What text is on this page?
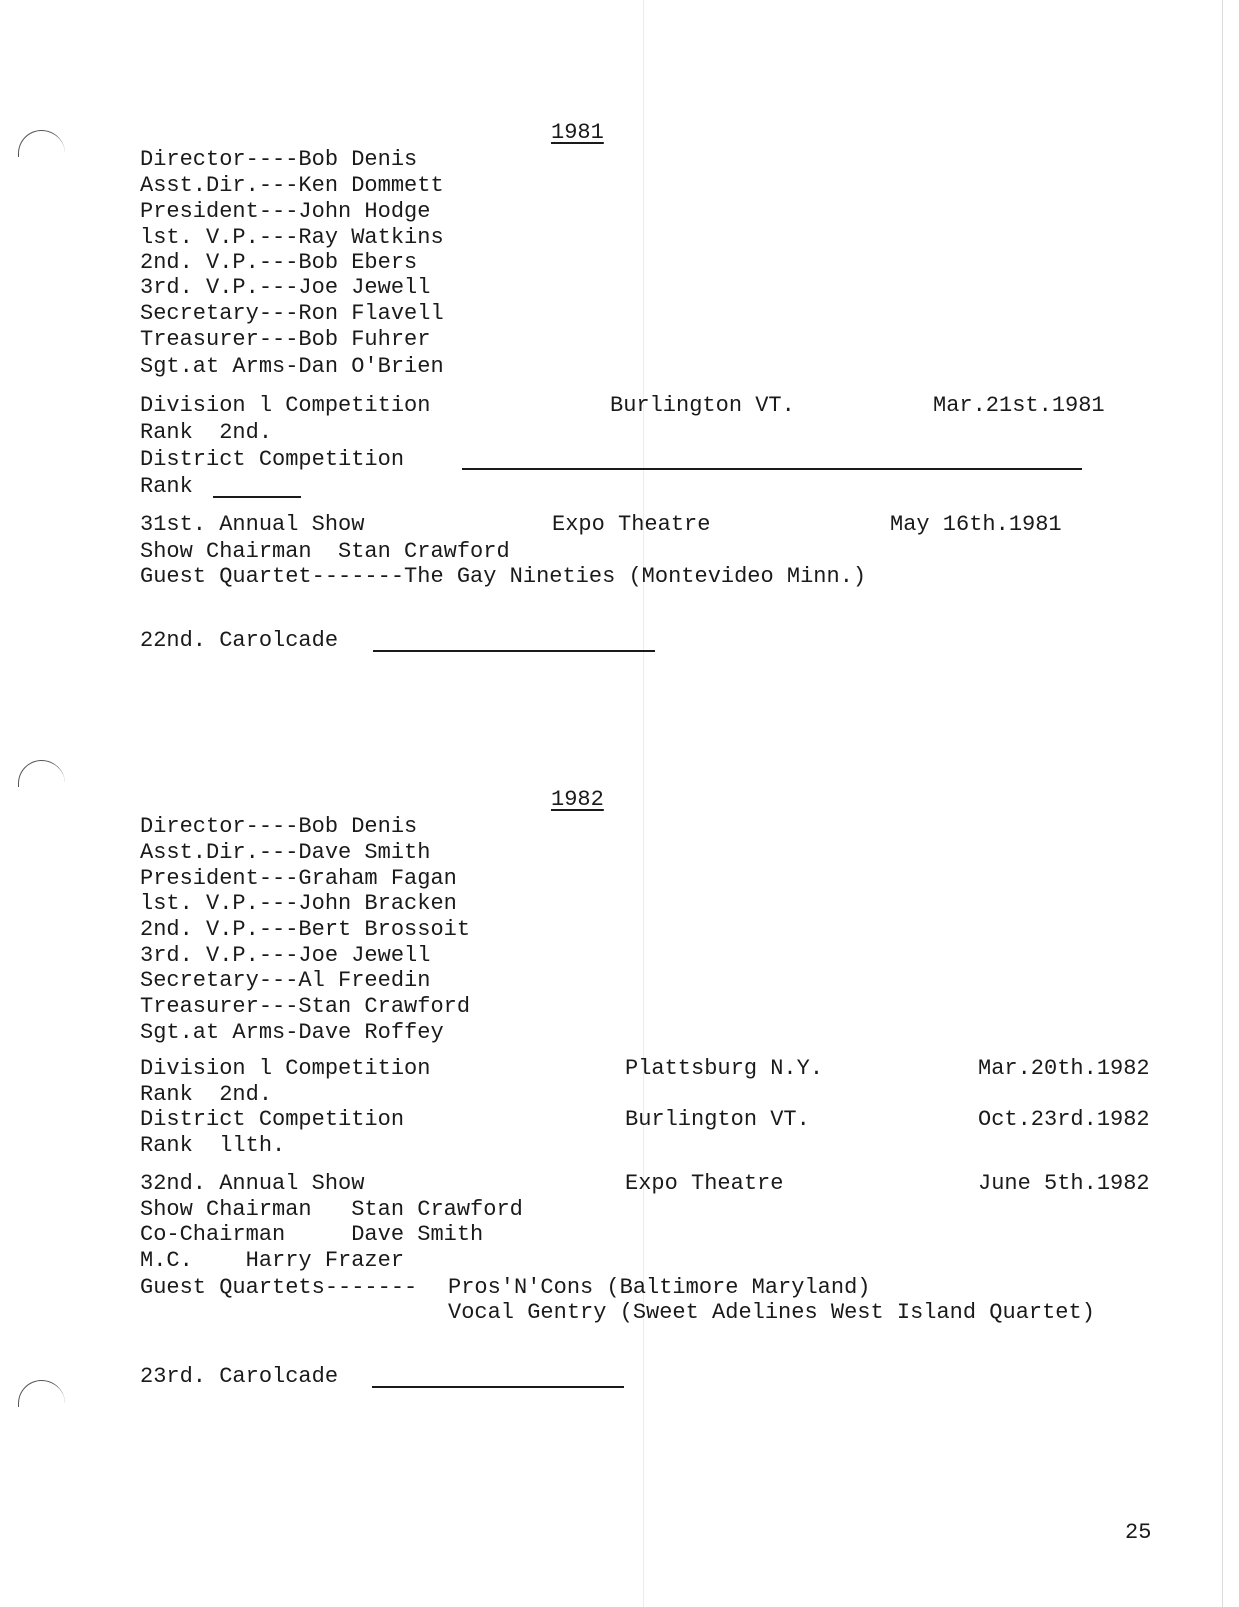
1981
Director----Bob Denis
Asst.Dir.---Ken Dommett
President---John Hodge
lst. V.P.---Ray Watkins
2nd. V.P.---Bob Ebers
3rd. V.P.---Joe Jewell
Secretary---Ron Flavell
Treasurer---Bob Fuhrer
Sgt.at Arms-Dan O'Brien
Division l Competition	Burlington VT.	Mar.21st.1981
Rank  2nd.
District Competition
Rank
31st. Annual Show	Expo Theatre	May 16th.1981
Show Chairman  Stan Crawford
Guest Quartet-------The Gay Nineties (Montevideo Minn.)
22nd. Carolcade
1982
Director----Bob Denis
Asst.Dir.---Dave Smith
President---Graham Fagan
lst. V.P.---John Bracken
2nd. V.P.---Bert Brossoit
3rd. V.P.---Joe Jewell
Secretary---Al Freedin
Treasurer---Stan Crawford
Sgt.at Arms-Dave Roffey
Division l Competition	Plattsburg N.Y.	Mar.20th.1982
Rank  2nd.
District Competition	Burlington VT.	Oct.23rd.1982
Rank  llth.
32nd. Annual Show	Expo Theatre	June 5th.1982
Show Chairman   Stan Crawford
Co-Chairman     Dave Smith
M.C.    Harry Frazer
Guest Quartets------- Pros'N'Cons (Baltimore Maryland)
Vocal Gentry (Sweet Adelines West Island Quartet)
23rd. Carolcade
25
